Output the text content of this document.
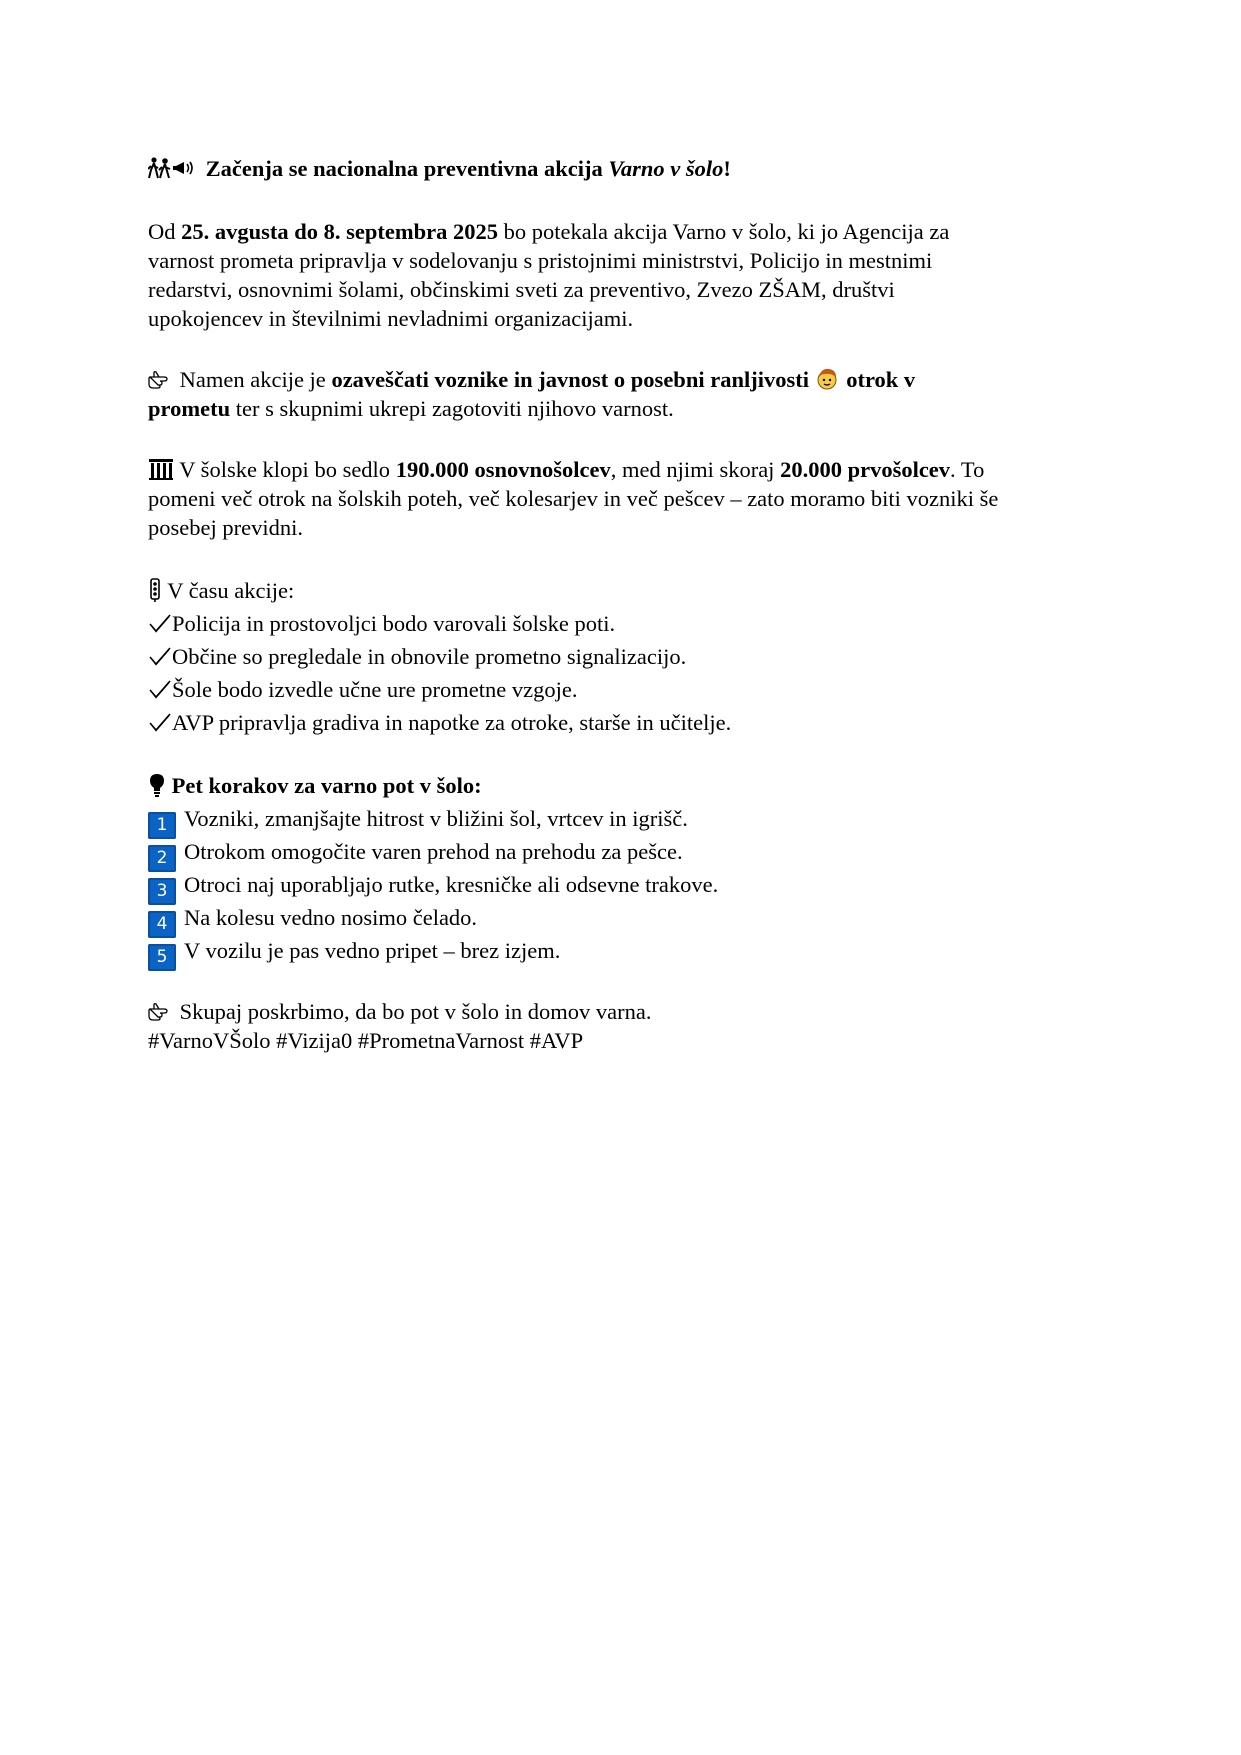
Začenja se nacionalna preventivna akcija Varno v šolo!

Od 25. avgusta do 8. septembra 2025 bo potekala akcija Varno v šolo, ki jo Agencija za
varnost prometa pripravlja v sodelovanju s pristojnimi ministrstvi, Policijo in mestnimi
redarstvi, osnovnimi šolami, občinskimi sveti za preventivo, Zvezo ZŠAM, društvi
upokojencev in številnimi nevladnimi organizacijami.

Namen akcije je ozaveščati voznike in javnost o posebni ranljivosti  otrok v
prometu ter s skupnimi ukrepi zagotoviti njihovo varnost.

V šolske klopi bo sedlo 190.000 osnovnošolcev, med njimi skoraj 20.000 prvošolcev. To
pomeni več otrok na šolskih poteh, več kolesarjev in več pešcev – zato moramo biti vozniki še
posebej previdni.

V času akcije:
Policija in prostovoljci bodo varovali šolske poti.
Občine so pregledale in obnovile prometno signalizacijo.
Šole bodo izvedle učne ure prometne vzgoje.
AVP pripravlja gradiva in napotke za otroke, starše in učitelje.
Pet korakov za varno pot v šolo:
1 Vozniki, zmanjšajte hitrost v bližini šol, vrtcev in igrišč.
2 Otrokom omogočite varen prehod na prehodu za pešce.
3 Otroci naj uporabljajo rutke, kresničke ali odsevne trakove.
4 Na kolesu vedno nosimo čelado.
5 V vozilu je pas vedno pripet – brez izjem.

Skupaj poskrbimo, da bo pot v šolo in domov varna.
#VarnoVŠolo #Vizija0 #PrometnaVarnost #AVP
